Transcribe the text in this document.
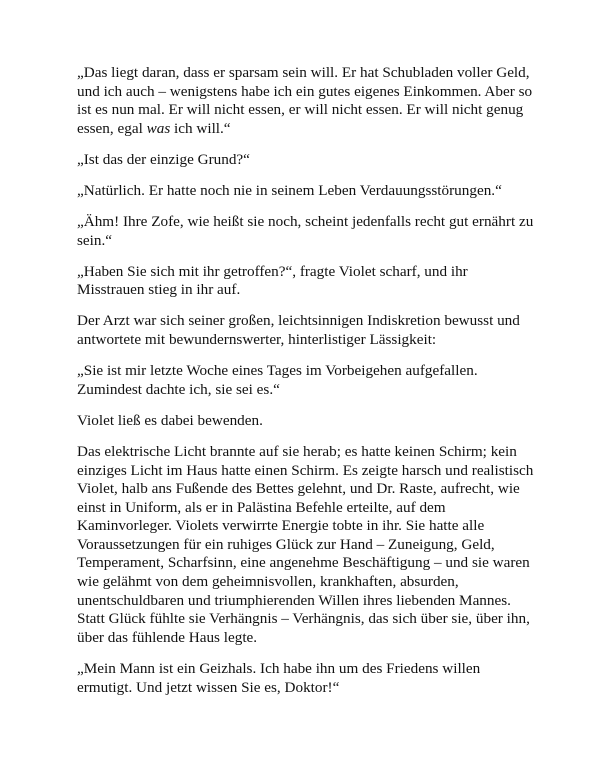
„Das liegt daran, dass er sparsam sein will. Er hat Schubladen voller Geld, und ich auch – wenigstens habe ich ein gutes eigenes Einkommen. Aber so ist es nun mal. Er will nicht essen, er will nicht essen. Er will nicht genug essen, egal was ich will.“

„Ist das der einzige Grund?“

„Natürlich. Er hatte noch nie in seinem Leben Verdauungsstörungen.“

„Ähm! Ihre Zofe, wie heißt sie noch, scheint jedenfalls recht gut ernährt zu sein.“

„Haben Sie sich mit ihr getroffen?“, fragte Violet scharf, und ihr Misstrauen stieg in ihr auf.

Der Arzt war sich seiner großen, leichtsinnigen Indiskretion bewusst und antwortete mit bewundernswerter, hinterlistiger Lässigkeit:

„Sie ist mir letzte Woche eines Tages im Vorbeigehen aufgefallen. Zumindest dachte ich, sie sei es.“

Violet ließ es dabei bewenden.

Das elektrische Licht brannte auf sie herab; es hatte keinen Schirm; kein einziges Licht im Haus hatte einen Schirm. Es zeigte harsch und realistisch Violet, halb ans Fußende des Bettes gelehnt, und Dr. Raste, aufrecht, wie einst in Uniform, als er in Palästina Befehle erteilte, auf dem Kaminvorleger. Violets verwirrte Energie tobte in ihr. Sie hatte alle Voraussetzungen für ein ruhiges Glück zur Hand – Zuneigung, Geld, Temperament, Scharfsinn, eine angenehme Beschäftigung – und sie waren wie gelähmt von dem geheimnisvollen, krankhaften, absurden, unentschuldbaren und triumphierenden Willen ihres liebenden Mannes. Statt Glück fühlte sie Verhängnis – Verhängnis, das sich über sie, über ihn, über das fühlende Haus legte.

„Mein Mann ist ein Geizhals. Ich habe ihn um des Friedens willen ermutigt. Und jetzt wissen Sie es, Doktor!“
